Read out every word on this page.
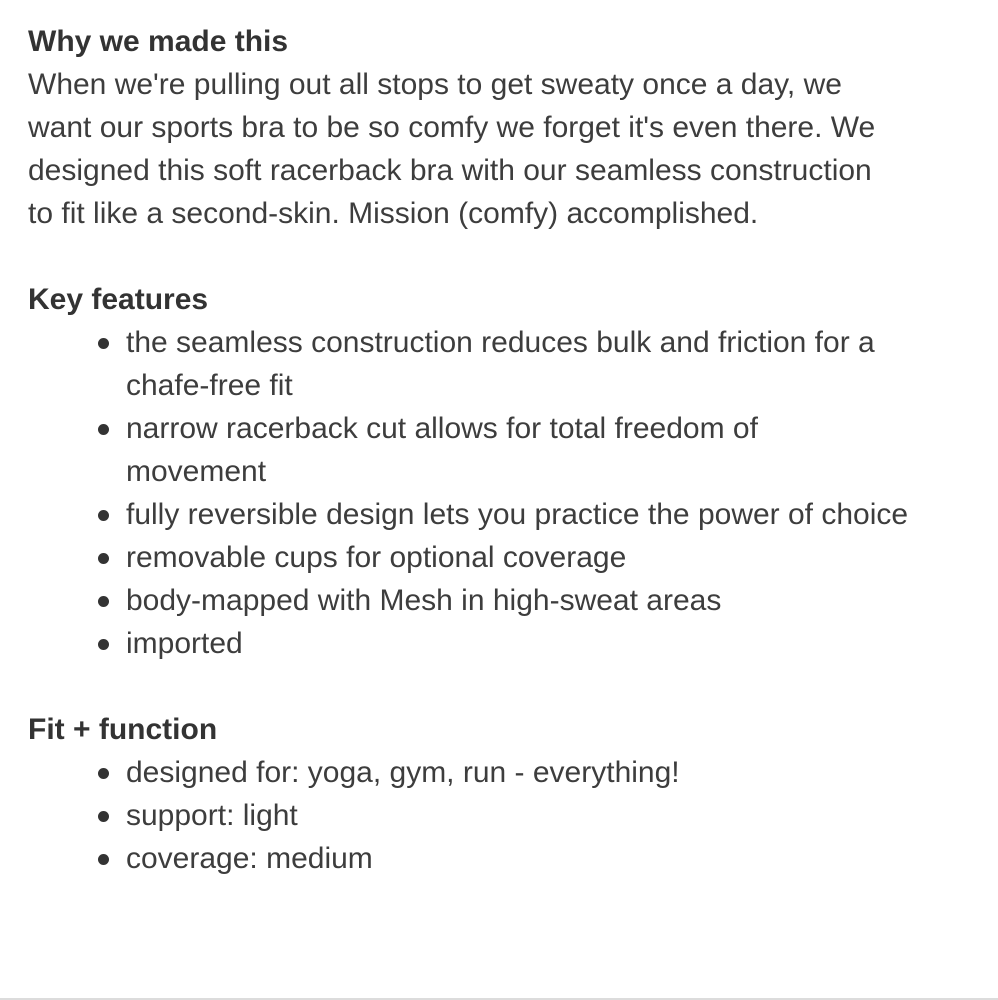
Why we made this
When we're pulling out all stops to get sweaty once a day, we
want our sports bra to be so comfy we forget it's even there. We
designed this soft racerback bra with our seamless construction
to fit like a second-skin. Mission (comfy) accomplished.
Key features
the seamless construction reduces bulk and friction for a
chafe-free fit
narrow racerback cut allows for total freedom of
movement
fully reversible design lets you practice the power of choice
removable cups for optional coverage
body-mapped with Mesh in high-sweat areas
imported
Fit + function
designed for: yoga, gym, run - everything!
support: light
coverage: medium
